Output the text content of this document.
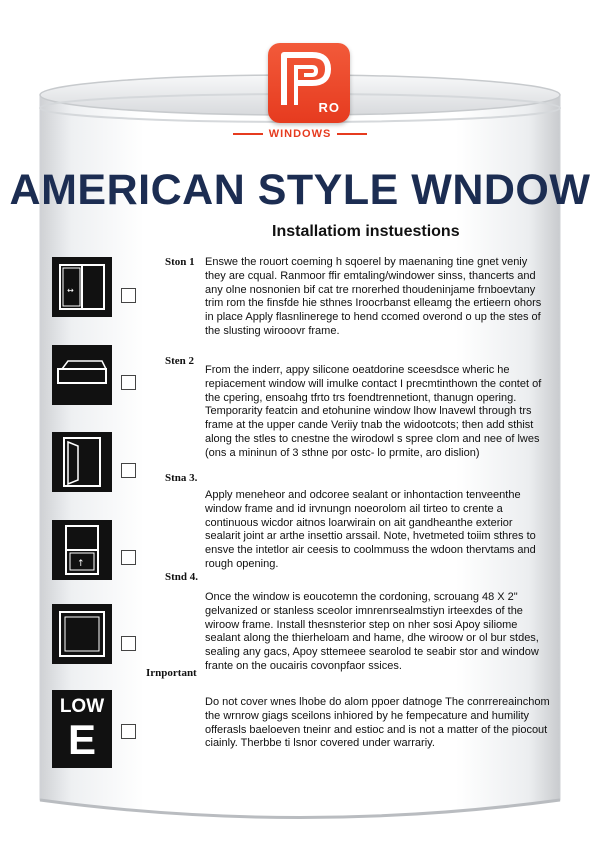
RO
WINDOWS
AMERICAN STYLE WNDOW
Installatiom instuestions
↔
↑
LOW
E
Ston 1 Enswe the rouort coeming h sqoerel by maenaning tine gnet veniy they are cqual. Ranmoor ffir emtaling/windower sinss, thancerts and any olne nosnonien bif cat tre rnorerhed thoudeninjame frnboevtany trim rom the finsfde hie sthnes Iroocrbanst elleamg the ertieern ohors in place Apply flasnlinerege to hend ccomed overond o up the stes of the slusting wirooovr frame.
Sten 2
From the inderr, appy silicone oeatdorine sceesdsce wheric he repiacement window will imulke contact I precmtinthown the contet of the cpering, ensoahg tfrto trs foendtrennetiont, thanugn opering. Temporarity featcin and etohunine window lhow lnavewl through trs frame at the upper cande Veriiy tnab the widootcots; then add sthist along the stles to cnestne the wirodowl s spree clom and nee of lwes (ons a mininun of 3 sthne por ostc- lo prmite, aro dislion)
Stna 3.
Apply meneheor and odcoree sealant or inhontaction tenveenthe window frame and id irvnungn noeorolom ail tirteo to crente a continuous wicdor aitnos loarwirain on ait gandheanthe exterior sealarit joint ar arthe insettio arssail. Note, hvetmeted toiim sthres to ensve the intetlor air ceesis to coolmmuss the wdoon thervtams and rough opening.
Stnd 4.
Once the window is eoucotemn the cordoning, scrouang 48 X 2" gelvanized or stanless sceolor imnrenrsealmstiyn irteexdes of the wiroow frame. Install thesnsterior step on nher sosi Apoy siliome sealant along the thierheloam and hame, dhe wiroow or ol bur stdes, sealing any gacs, Apoy sttemeee searolod te seabir stor and window frante on the oucairis covonpfaor ssices.
Irnportant
Do not cover wnes lhobe do alom ppoer datnoge The conrrereainchom the wrnrow giags sceilons inhiored by he fempecature and humility offerasls baeloeven tneinr and estioc and is not a matter of the piocout ciainly. Therbbe ti lsnor covered under warrariy.
